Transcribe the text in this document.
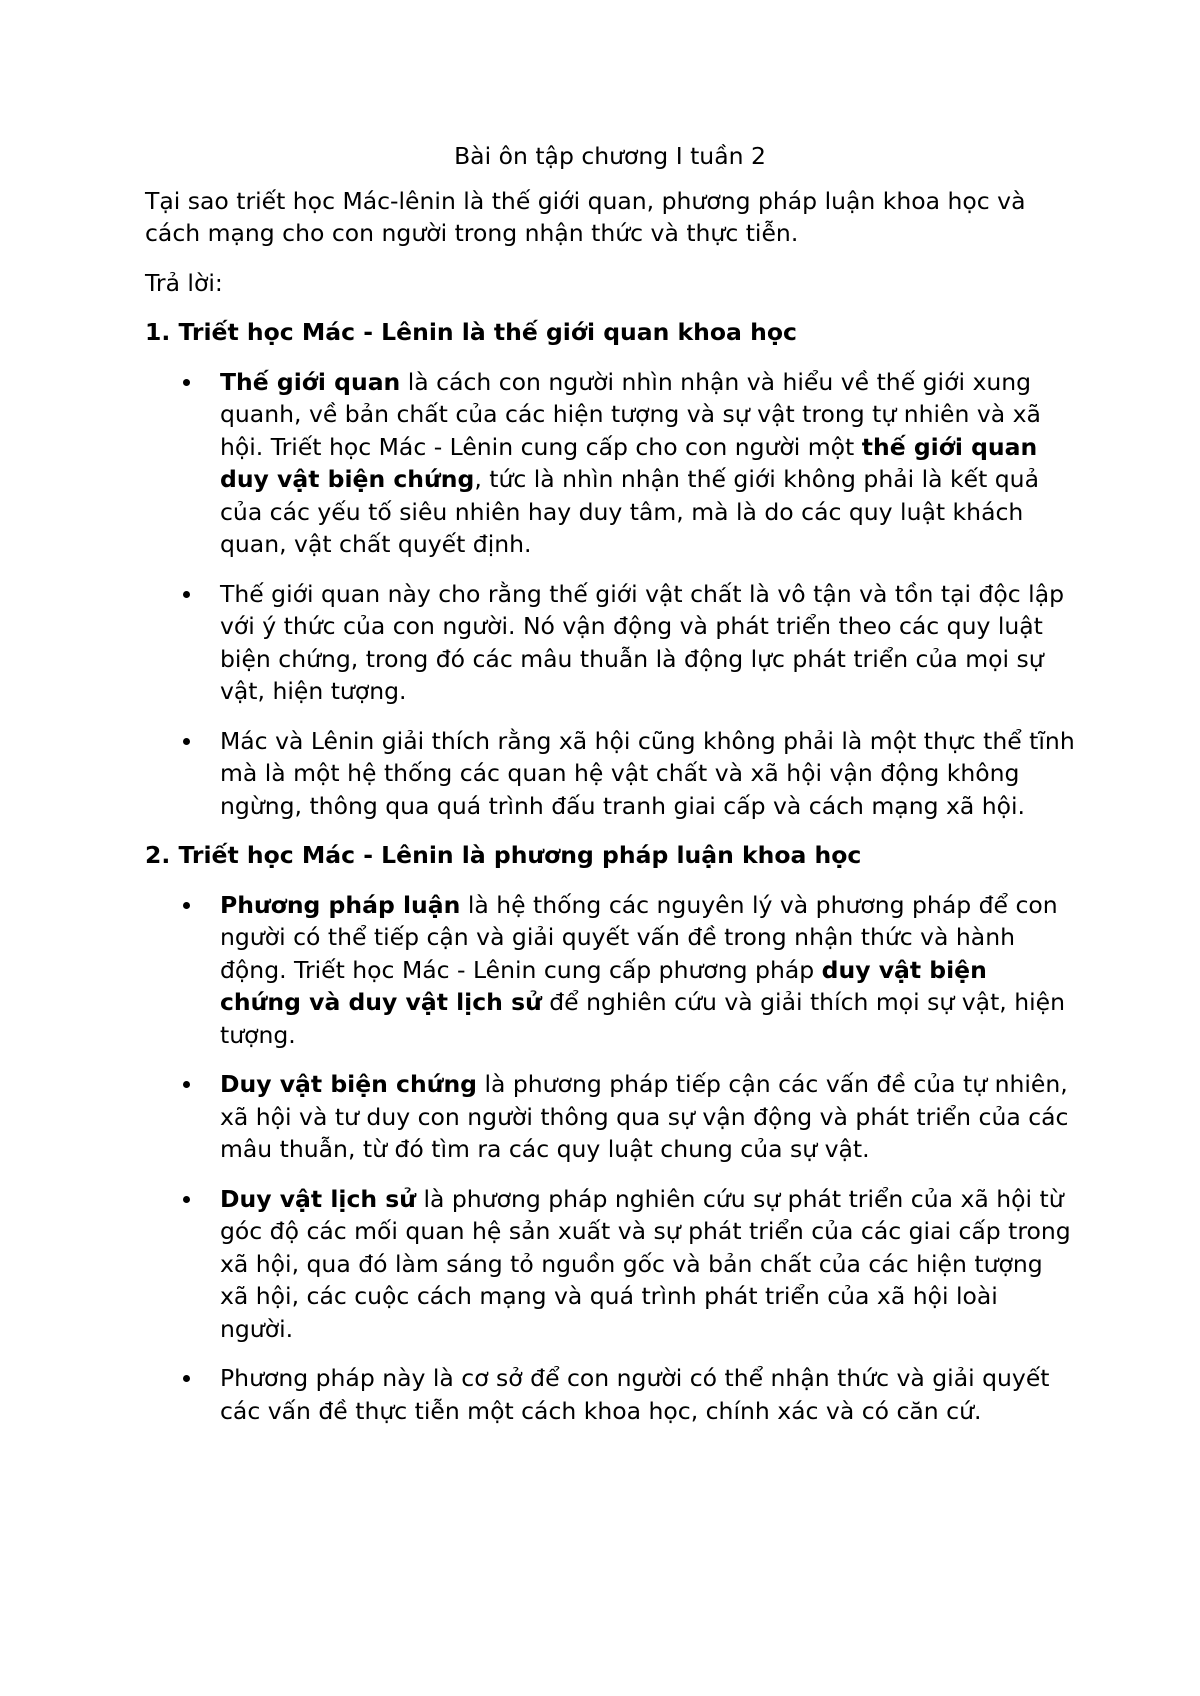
Bài ôn tập chương I tuần 2

Tại sao triết học Mác-lênin là thế giới quan, phương pháp luận khoa học và cách mạng cho con người trong nhận thức và thực tiễn.

Trả lời:

1. Triết học Mác - Lênin là thế giới quan khoa học

Thế giới quan là cách con người nhìn nhận và hiểu về thế giới xung quanh, về bản chất của các hiện tượng và sự vật trong tự nhiên và xã hội. Triết học Mác - Lênin cung cấp cho con người một thế giới quan duy vật biện chứng, tức là nhìn nhận thế giới không phải là kết quả của các yếu tố siêu nhiên hay duy tâm, mà là do các quy luật khách quan, vật chất quyết định.
Thế giới quan này cho rằng thế giới vật chất là vô tận và tồn tại độc lập với ý thức của con người. Nó vận động và phát triển theo các quy luật biện chứng, trong đó các mâu thuẫn là động lực phát triển của mọi sự vật, hiện tượng.
Mác và Lênin giải thích rằng xã hội cũng không phải là một thực thể tĩnh mà là một hệ thống các quan hệ vật chất và xã hội vận động không ngừng, thông qua quá trình đấu tranh giai cấp và cách mạng xã hội.

2. Triết học Mác - Lênin là phương pháp luận khoa học

Phương pháp luận là hệ thống các nguyên lý và phương pháp để con người có thể tiếp cận và giải quyết vấn đề trong nhận thức và hành động. Triết học Mác - Lênin cung cấp phương pháp duy vật biện chứng và duy vật lịch sử để nghiên cứu và giải thích mọi sự vật, hiện tượng.
Duy vật biện chứng là phương pháp tiếp cận các vấn đề của tự nhiên, xã hội và tư duy con người thông qua sự vận động và phát triển của các mâu thuẫn, từ đó tìm ra các quy luật chung của sự vật.
Duy vật lịch sử là phương pháp nghiên cứu sự phát triển của xã hội từ góc độ các mối quan hệ sản xuất và sự phát triển của các giai cấp trong xã hội, qua đó làm sáng tỏ nguồn gốc và bản chất của các hiện tượng xã hội, các cuộc cách mạng và quá trình phát triển của xã hội loài người.
Phương pháp này là cơ sở để con người có thể nhận thức và giải quyết các vấn đề thực tiễn một cách khoa học, chính xác và có căn cứ.
